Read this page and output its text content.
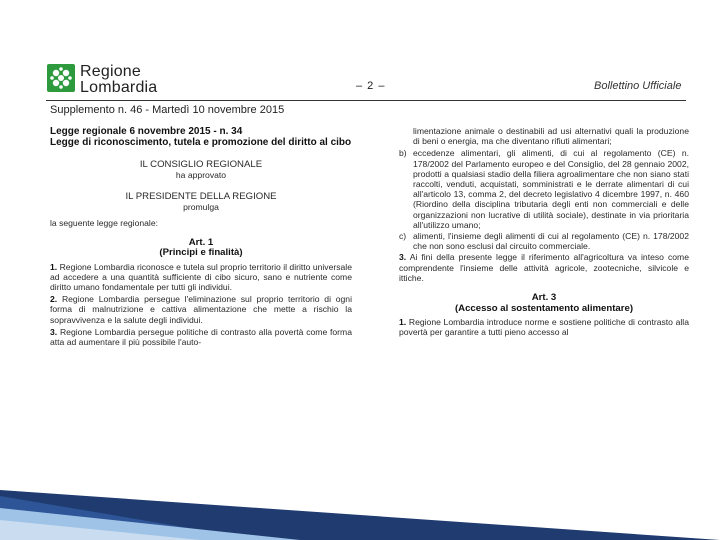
Regione
Lombardia	– 2 –	Bollettino Ufficiale
Supplemento n. 46 - Martedì 10 novembre 2015
Legge regionale 6 novembre 2015 - n. 34
Legge di riconoscimento, tutela e promozione del diritto al cibo
IL CONSIGLIO REGIONALE
ha approvato
IL PRESIDENTE DELLA REGIONE
promulga
la seguente legge regionale:
Art. 1
(Principi e finalità)

1. Regione Lombardia riconosce e tutela sul proprio territorio il diritto universale ad accedere a una quantità sufficiente di cibo sicuro, sano e nutriente come diritto umano fondamentale per tutti gli individui.

2. Regione Lombardia persegue l'eliminazione sul proprio territorio di ogni forma di malnutrizione e cattiva alimentazione che mette a rischio la sopravvivenza e la salute degli individui.

3. Regione Lombardia persegue politiche di contrasto alla povertà come forma atta ad aumentare il più possibile l'auto-

limentazione animale o destinabili ad usi alternativi quali la produzione di beni o energia, ma che diventano rifiuti alimentari;

b) eccedenze alimentari, gli alimenti, di cui al regolamento (CE) n. 178/2002 del Parlamento europeo e del Consiglio, del 28 gennaio 2002, prodotti a qualsiasi stadio della filiera agroalimentare che non siano stati raccolti, venduti, acquistati, somministrati e le derrate alimentari di cui all'articolo 13, comma 2, del decreto legislativo 4 dicembre 1997, n. 460 (Riordino della disciplina tributaria degli enti non commerciali e delle organizzazioni non lucrative di utilità sociale), destinate in via prioritaria all'utilizzo umano;
c) alimenti, l'insieme degli alimenti di cui al regolamento (CE) n. 178/2002 che non sono esclusi dal circuito commerciale.

3. Ai fini della presente legge il riferimento all'agricoltura va inteso come comprendente l'insieme delle attività agricole, zootecniche, silvicole e ittiche.

Art. 3
(Accesso al sostentamento alimentare)

1. Regione Lombardia introduce norme e sostiene politiche di contrasto alla povertà per garantire a tutti pieno accesso al
